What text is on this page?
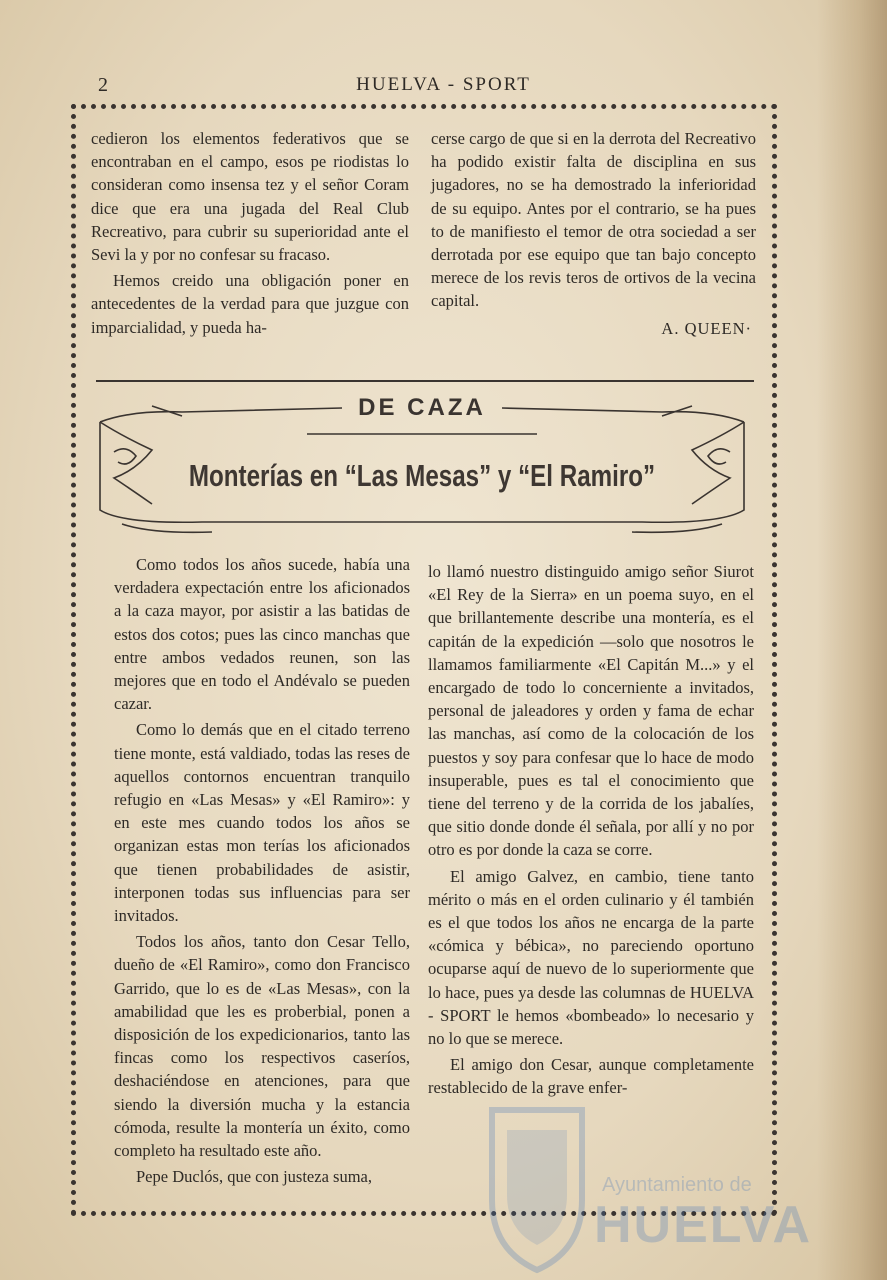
2	HUELVA - SPORT

cedieron los elementos federativos que se encontraban en el campo, esos pe riodistas lo consideran como insensa tez y el señor Coram dice que era una jugada del Real Club Recreativo, para cubrir su superioridad ante el Sevi la y por no confesar su fracaso.

Hemos creido una obligación poner en antecedentes de la verdad para que juzgue con imparcialidad, y pueda ha-

cerse cargo de que si en la derrota del Recreativo ha podido existir falta de disciplina en sus jugadores, no se ha demostrado la inferioridad de su equipo. Antes por el contrario, se ha pues to de manifiesto el temor de otra sociedad a ser derrotada por ese equipo que tan bajo concepto merece de los revis teros de ortivos de la vecina capital.

A. QUEEN·
DE CAZA
Monterías en “Las Mesas” y “El Ramiro”

Como todos los años sucede, había una verdadera expectación entre los aficionados a la caza mayor, por asistir a las batidas de estos dos cotos; pues las cinco manchas que entre ambos vedados reunen, son las mejores que en todo el Andévalo se pueden cazar.

Como lo demás que en el citado terreno tiene monte, está valdiado, todas las reses de aquellos contornos encuentran tranquilo refugio en «Las Mesas» y «El Ramiro»: y en este mes cuando todos los años se organizan estas mon terías los aficionados que tienen probabilidades de asistir, interponen todas sus influencias para ser invitados.

Todos los años, tanto don Cesar Tello, dueño de «El Ramiro», como don Francisco Garrido, que lo es de «Las Mesas», con la amabilidad que les es proberbial, ponen a disposición de los expedicionarios, tanto las fincas como los respectivos caseríos, deshaciéndose en atenciones, para que siendo la diversión mucha y la estancia cómoda, resulte la montería un éxito, como completo ha resultado este año.

Pepe Duclós, que con justeza suma,

lo llamó nuestro distinguido amigo señor Siurot «El Rey de la Sierra» en un poema suyo, en el que brillantemente describe una montería, es el capitán de la expedición —solo que nosotros le llamamos familiarmente «El Capitán M...» y el encargado de todo lo concerniente a invitados, personal de jaleadores y orden y fama de echar las manchas, así como de la colocación de los puestos y soy para confesar que lo hace de modo insuperable, pues es tal el conocimiento que tiene del terreno y de la corrida de los jabalíes, que sitio donde donde él señala, por allí y no por otro es por donde la caza se corre.

El amigo Galvez, en cambio, tiene tanto mérito o más en el orden culinario y él también es el que todos los años ne encarga de la parte «cómica y bébica», no pareciendo oportuno ocuparse aquí de nuevo de lo superiormente que lo hace, pues ya desde las columnas de HUELVA - SPORT le hemos «bombeado» lo necesario y no lo que se merece.

El amigo don Cesar, aunque completamente restablecido de la grave enfer-

Ayuntamiento de
HUELVA
